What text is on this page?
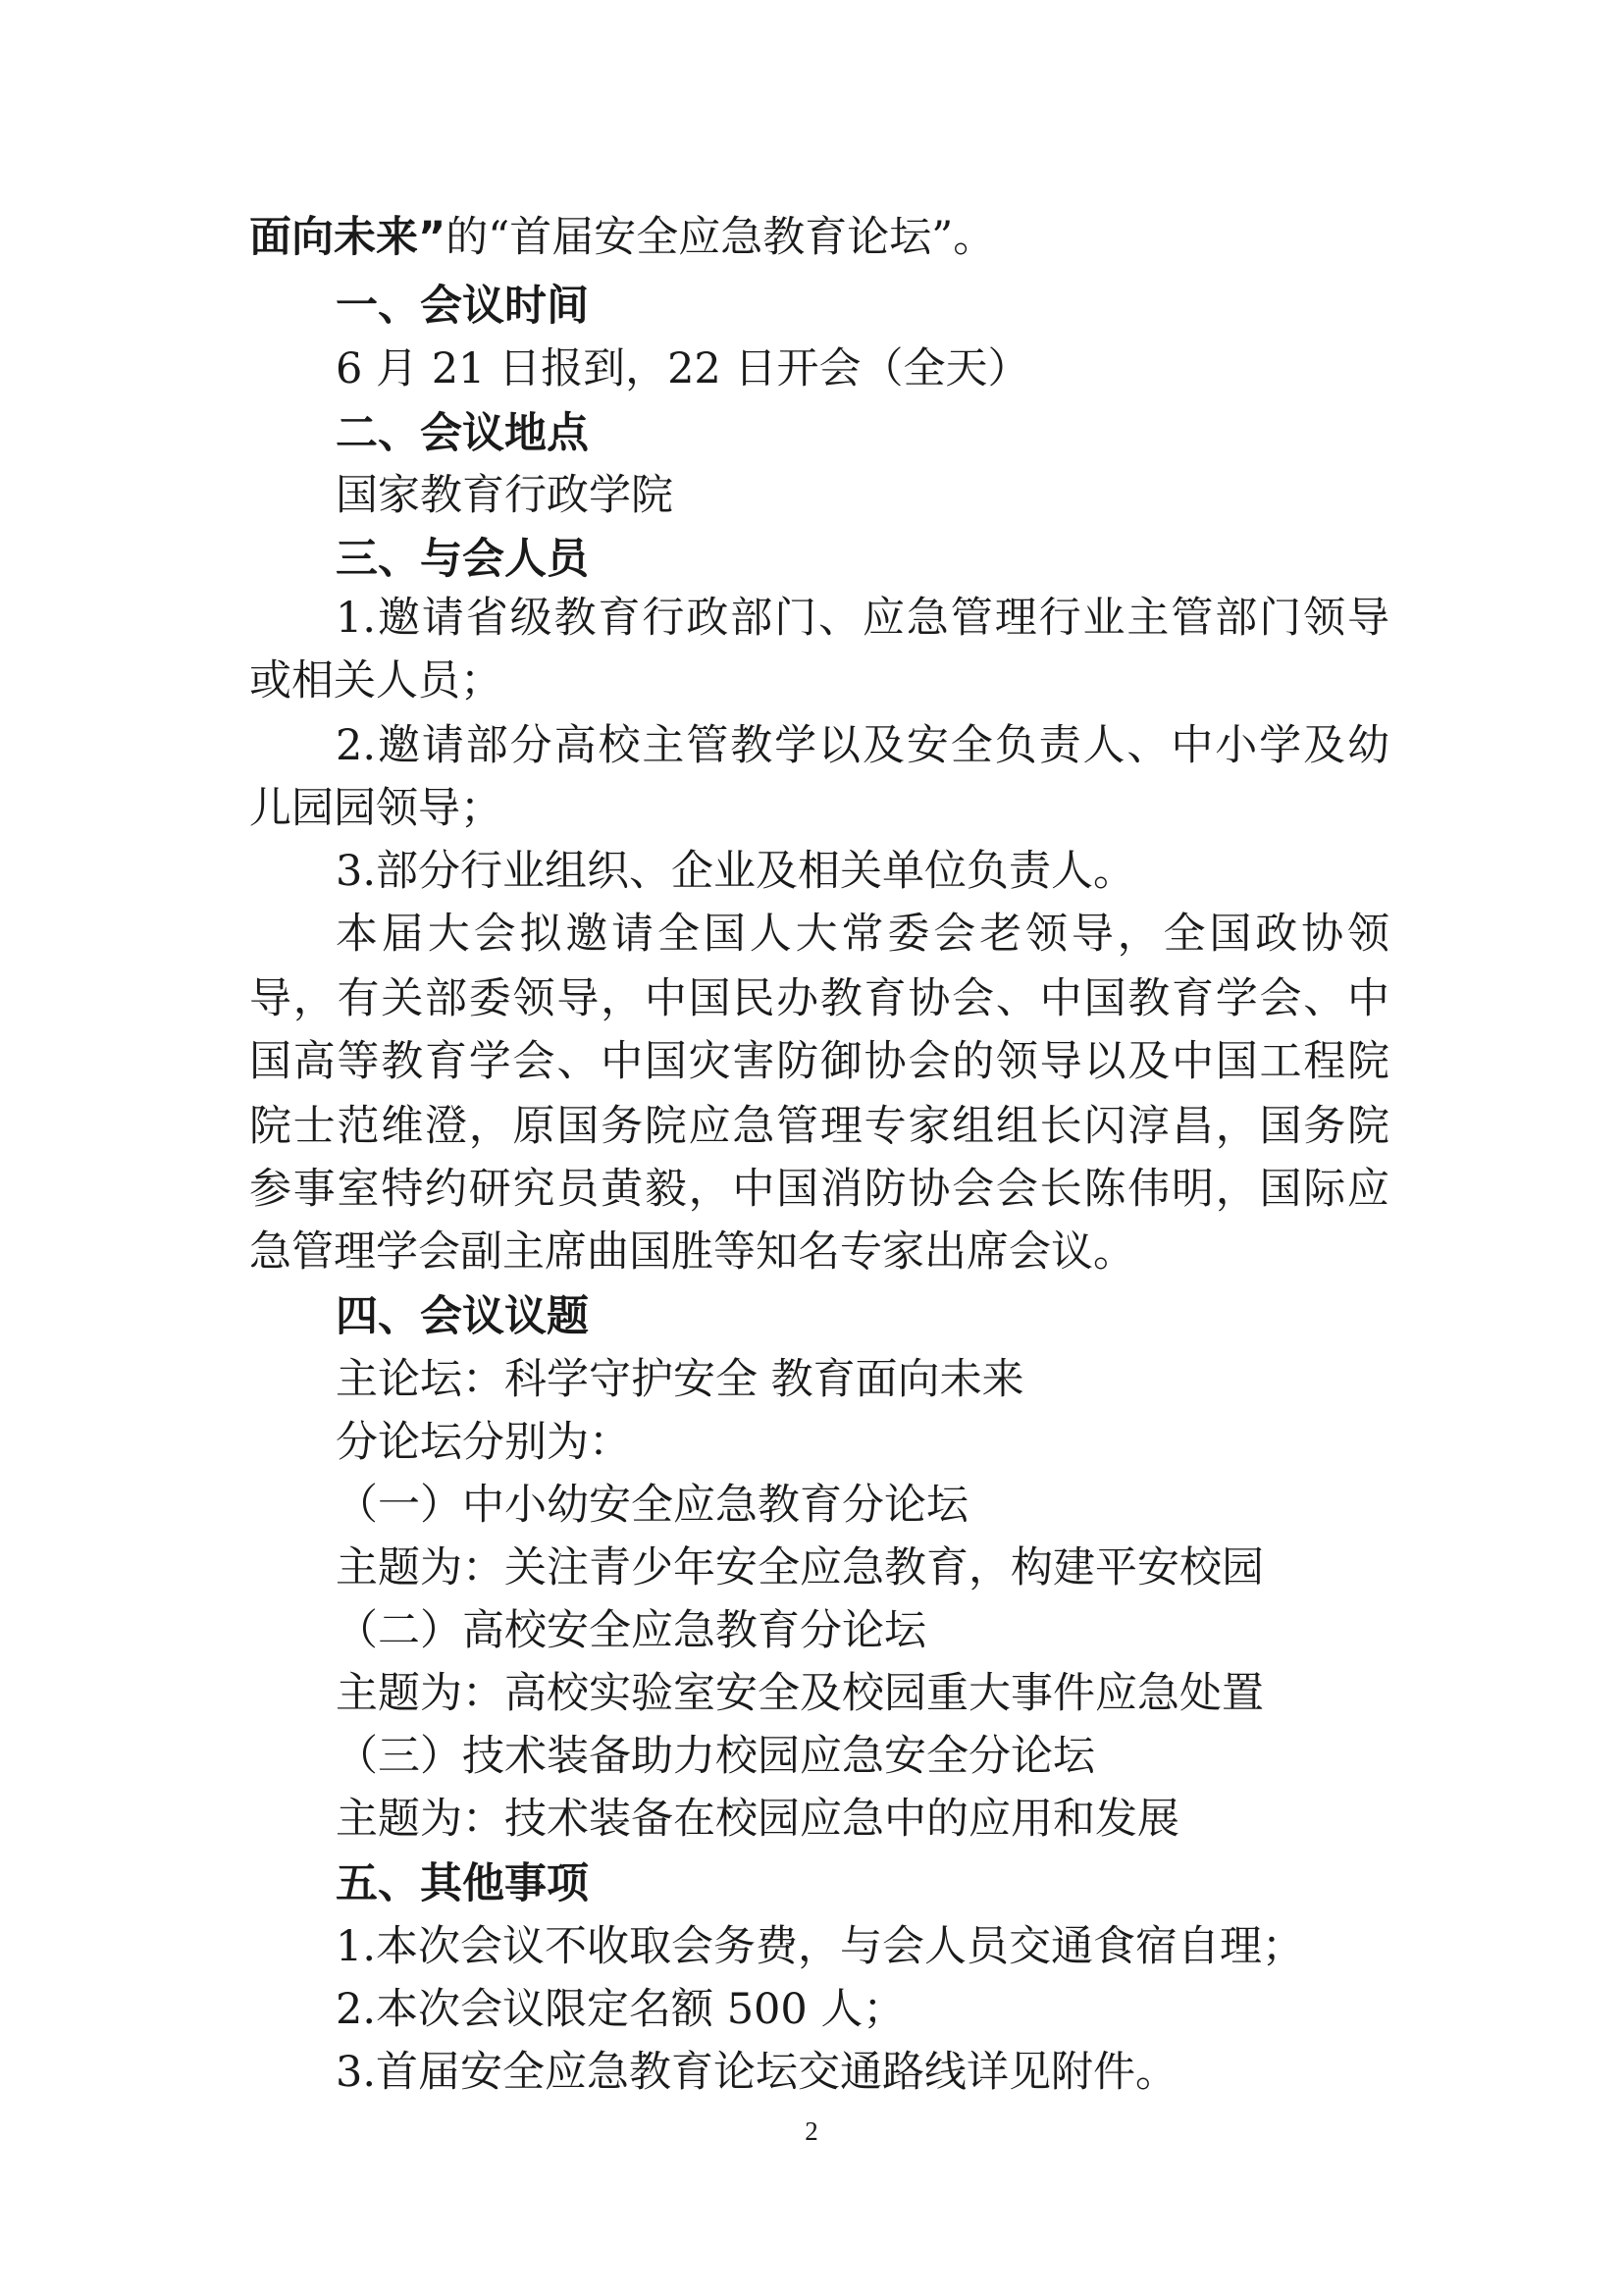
面向未来”的“首届安全应急教育论坛”。
一、会议时间
6 月 21 日报到，22 日开会（全天）
二、会议地点
国家教育行政学院
三、与会人员
1.邀请省级教育行政部门、应急管理行业主管部门领导
或相关人员；
2.邀请部分高校主管教学以及安全负责人、中小学及幼
儿园园领导；
3.部分行业组织、企业及相关单位负责人。
本届大会拟邀请全国人大常委会老领导，全国政协领
导，有关部委领导，中国民办教育协会、中国教育学会、中
国高等教育学会、中国灾害防御协会的领导以及中国工程院
院士范维澄，原国务院应急管理专家组组长闪淳昌，国务院
参事室特约研究员黄毅，中国消防协会会长陈伟明，国际应
急管理学会副主席曲国胜等知名专家出席会议。
四、会议议题
主论坛：科学守护安全 教育面向未来
分论坛分别为：
（一）中小幼安全应急教育分论坛
主题为：关注青少年安全应急教育，构建平安校园
（二）高校安全应急教育分论坛
主题为：高校实验室安全及校园重大事件应急处置
（三）技术装备助力校园应急安全分论坛
主题为：技术装备在校园应急中的应用和发展
五、其他事项
1.本次会议不收取会务费，与会人员交通食宿自理；
2.本次会议限定名额 500 人；
3.首届安全应急教育论坛交通路线详见附件。
2
